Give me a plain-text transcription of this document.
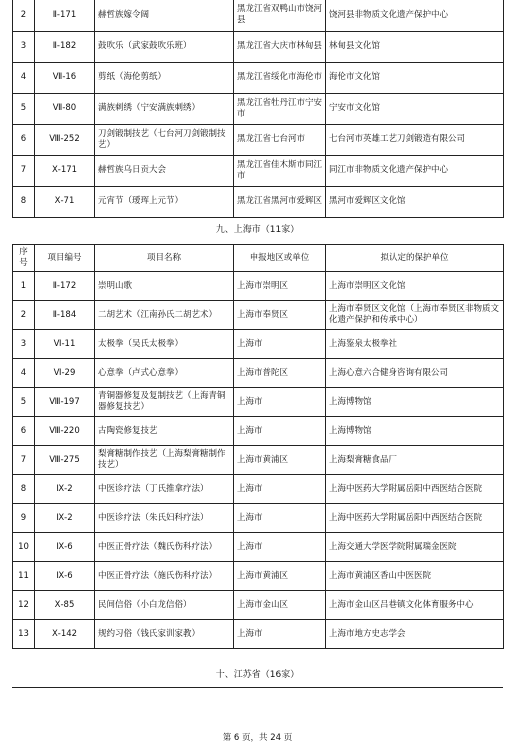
2	Ⅱ-171	赫哲族嫁令阔	黑龙江省双鸭山市饶河县	饶河县非物质文化遗产保护中心
3	Ⅱ-182	鼓吹乐（武家鼓吹乐班）	黑龙江省大庆市林甸县	林甸县文化馆
4	Ⅶ-16	剪纸（海伦剪纸）	黑龙江省绥化市海伦市	海伦市文化馆
5	Ⅶ-80	满族刺绣（宁安满族刺绣）	黑龙江省牡丹江市宁安市	宁安市文化馆
6	Ⅷ-252	刀剑锻制技艺（七台河刀剑锻制技艺）	黑龙江省七台河市	七台河市英雄工艺刀剑锻造有限公司
7	Ⅹ-171	赫哲族乌日贡大会	黑龙江省佳木斯市同江市	同江市非物质文化遗产保护中心
8	Ⅹ-71	元宵节（瑷珲上元节）	黑龙江省黑河市爱辉区	黑河市爱辉区文化馆
九、上海市（11家）
序号	项目编号	项目名称	申报地区或单位	拟认定的保护单位
1	Ⅱ-172	崇明山歌	上海市崇明区	上海市崇明区文化馆
2	Ⅱ-184	二胡艺术（江南孙氏二胡艺术）	上海市奉贤区	上海市奉贤区文化馆（上海市奉贤区非物质文化遗产保护和传承中心）
3	Ⅵ-11	太极拳（吴氏太极拳）	上海市	上海鉴泉太极拳社
4	Ⅵ-29	心意拳（卢式心意拳）	上海市普陀区	上海心意六合健身咨询有限公司
5	Ⅷ-197	青铜器修复及复制技艺（上海青铜器修复技艺）	上海市	上海博物馆
6	Ⅷ-220	古陶瓷修复技艺	上海市	上海博物馆
7	Ⅷ-275	梨膏糖制作技艺（上海梨膏糖制作技艺）	上海市黄浦区	上海梨膏糖食品厂
8	Ⅸ-2	中医诊疗法（丁氏推拿疗法）	上海市	上海中医药大学附属岳阳中西医结合医院
9	Ⅸ-2	中医诊疗法（朱氏妇科疗法）	上海市	上海中医药大学附属岳阳中西医结合医院
10	Ⅸ-6	中医正骨疗法（魏氏伤科疗法）	上海市	上海交通大学医学院附属瑞金医院
11	Ⅸ-6	中医正骨疗法（施氏伤科疗法）	上海市黄浦区	上海市黄浦区香山中医医院
12	Ⅹ-85	民间信俗（小白龙信俗）	上海市金山区	上海市金山区吕巷镇文化体育服务中心
13	Ⅹ-142	规约习俗（钱氏家训家教）	上海市	上海市地方史志学会
十、江苏省（16家）
第 6 页，共 24 页
